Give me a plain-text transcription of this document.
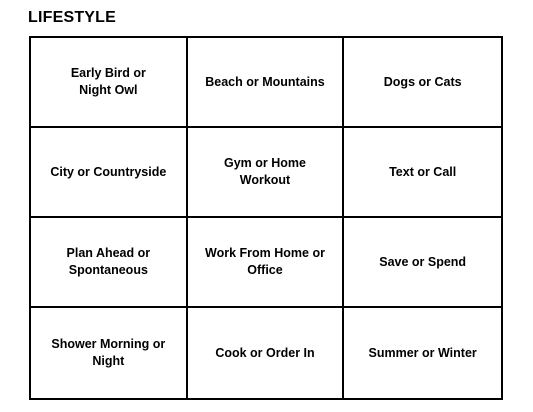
LIFESTYLE
Early Bird or
Night Owl
Beach or Mountains	Dogs or Cats
City or Countryside
Gym or Home Workout
Text or Call
Plan Ahead or
Spontaneous
Work From Home or
Office
Save or Spend
Shower Morning or
Night
Cook or Order In	Summer or Winter
